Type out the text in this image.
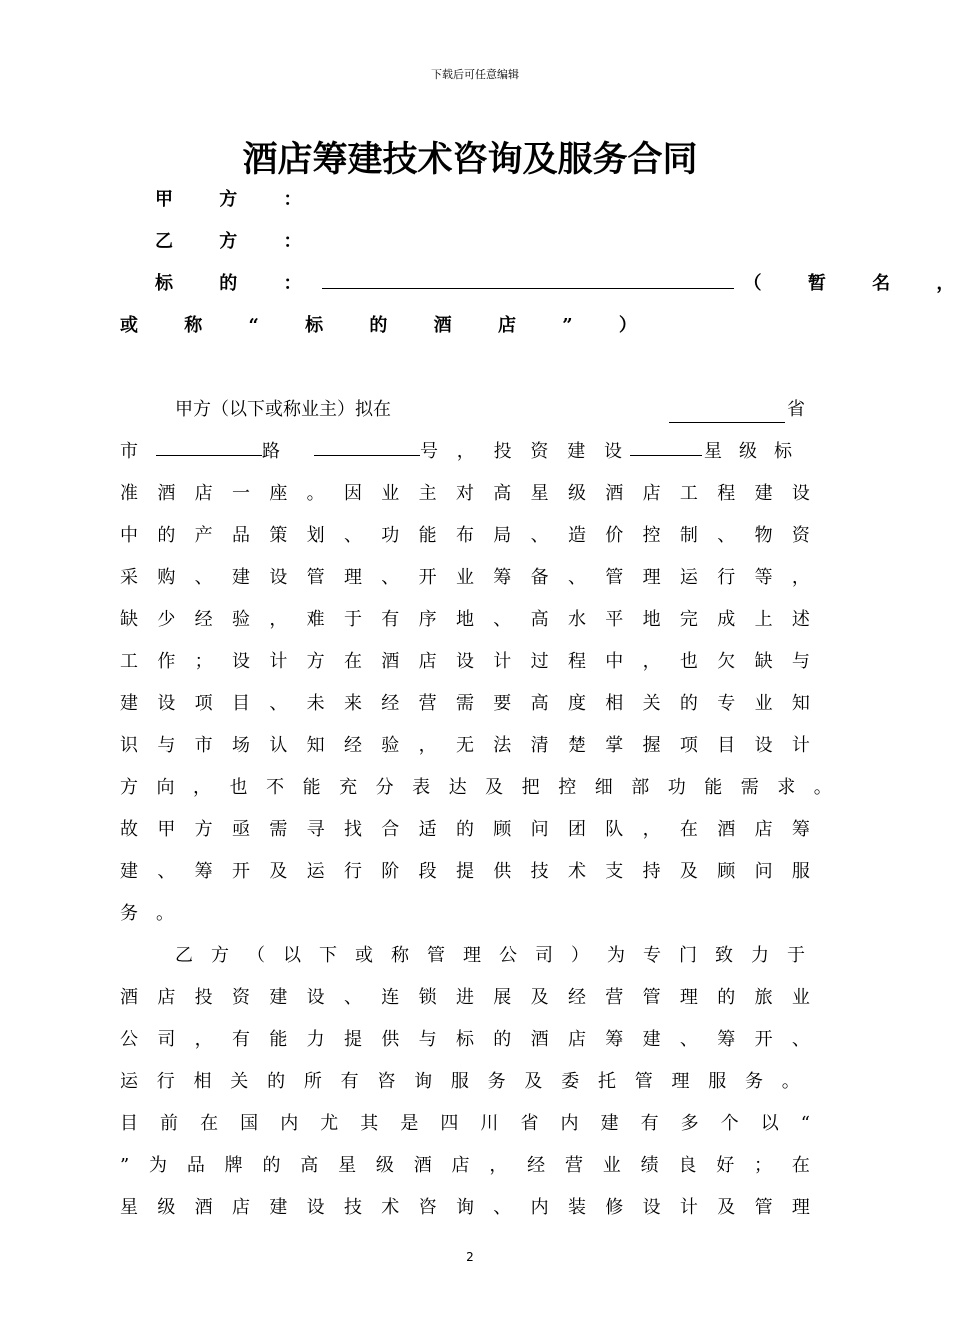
下载后可任意编辑
酒店筹建技术咨询及服务合同
甲 方 ：
乙 方 ：
标 的 ：	（ 暂 名 ，
或 称 “ 标 的 酒 店 ” ）
甲方（以下或称业主）拟在	省
市	路	号 ， 投 资 建 设	星 级 标
准 酒 店 一 座 。 因 业 主 对 高 星 级 酒 店 工 程 建 设
中 的 产 品 策 划 、 功 能 布 局 、 造 价 控 制 、 物 资
采 购 、 建 设 管 理 、 开 业 筹 备 、 管 理 运 行 等 ，
缺 少 经 验 ， 难 于 有 序 地 、 高 水 平 地 完 成 上 述
工 作 ； 设 计 方 在 酒 店 设 计 过 程 中 ， 也 欠 缺 与
建 设 项 目 、 未 来 经 营 需 要 高 度 相 关 的 专 业 知
识 与 市 场 认 知 经 验 ， 无 法 清 楚 掌 握 项 目 设 计
方 向 ， 也 不 能 充 分 表 达 及 把 控 细 部 功 能 需 求 。
故 甲 方 亟 需 寻 找 合 适 的 顾 问 团 队 ， 在 酒 店 筹
建 、 筹 开 及 运 行 阶 段 提 供 技 术 支 持 及 顾 问 服
务 。
乙 方 （ 以 下 或 称 管 理 公 司 ） 为 专 门 致 力 于
酒 店 投 资 建 设 、 连 锁 进 展 及 经 营 管 理 的 旅 业
公 司 ， 有 能 力 提 供 与 标 的 酒 店 筹 建 、 筹 开 、
运 行 相 关 的 所 有 咨 询 服 务 及 委 托 管 理 服 务 。
目 前 在 国 内 尤 其 是 四 川 省 内 建 有 多 个 以 “
” 为 品 牌 的 高 星 级 酒 店 ， 经 营 业 绩 良 好 ； 在
星 级 酒 店 建 设 技 术 咨 询 、 内 装 修 设 计 及 管 理
2
